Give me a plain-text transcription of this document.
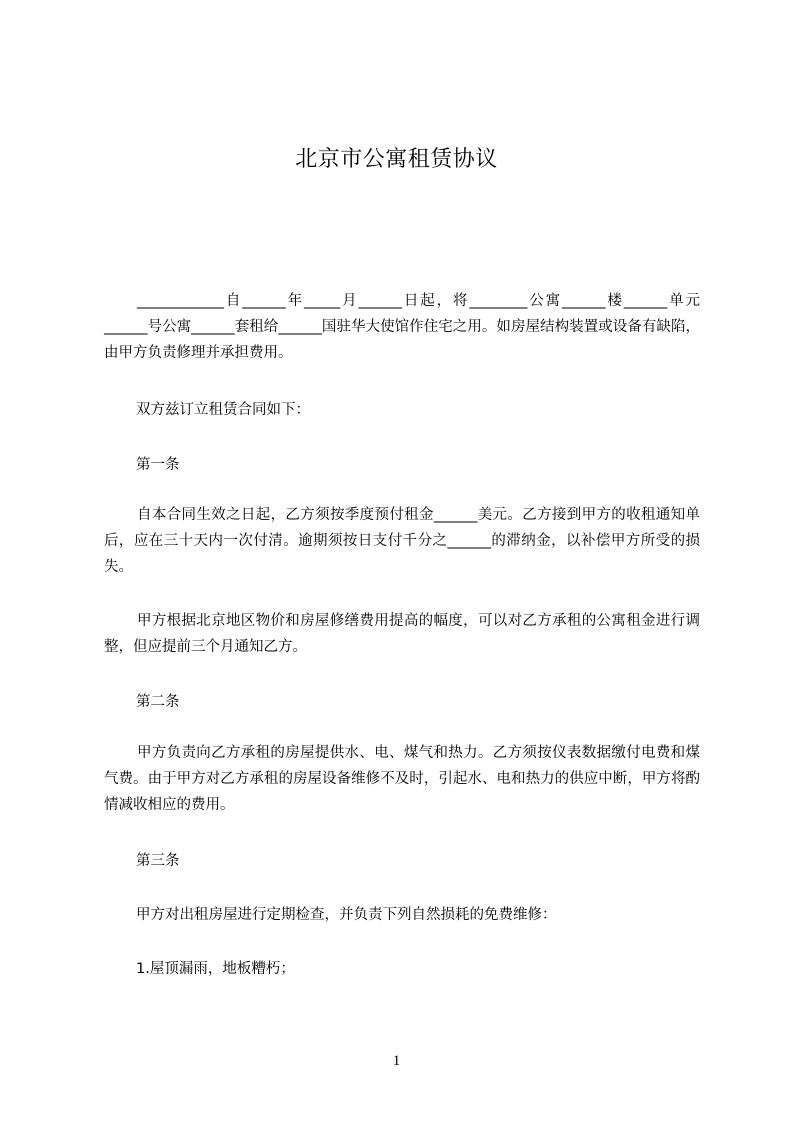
北京市公寓租赁协议
____________自______年_____月______日起，将________公寓______楼______单元______号公寓______套租给______国驻华大使馆作住宅之用。如房屋结构装置或设备有缺陷，由甲方负责修理并承担费用。
双方兹订立租赁合同如下：
第一条
自本合同生效之日起，乙方须按季度预付租金______美元。乙方接到甲方的收租通知单后，应在三十天内一次付清。逾期须按日支付千分之______的滞纳金，以补偿甲方所受的损失。
甲方根据北京地区物价和房屋修缮费用提高的幅度，可以对乙方承租的公寓租金进行调整，但应提前三个月通知乙方。
第二条
甲方负责向乙方承租的房屋提供水、电、煤气和热力。乙方须按仪表数据缴付电费和煤气费。由于甲方对乙方承租的房屋设备维修不及时，引起水、电和热力的供应中断，甲方将酌情减收相应的费用。
第三条
甲方对出租房屋进行定期检查，并负责下列自然损耗的免费维修：
1.屋顶漏雨，地板糟朽；
1
